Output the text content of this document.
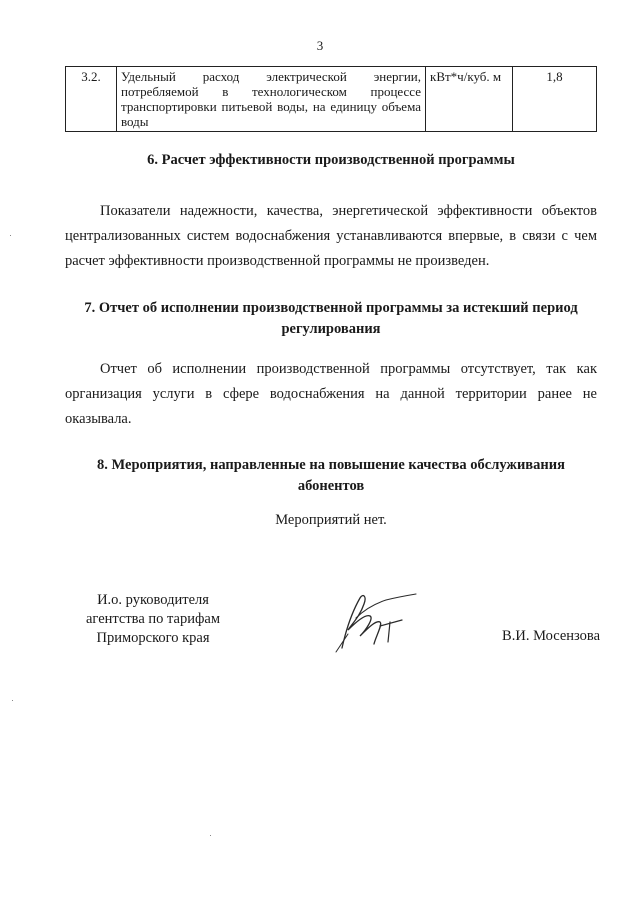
3
3.2.	Удельный расход электрической энергии, потребляемой в технологическом процессе транспортировки питьевой воды, на единицу объема воды	кВт*ч/куб. м	1,8
6. Расчет эффективности производственной программы
Показатели надежности, качества, энергетической эффективности объектов централизованных систем водоснабжения устанавливаются впервые, в связи с чем расчет эффективности производственной программы не произведен.
7. Отчет об исполнении производственной программы за истекший период
регулирования
Отчет об исполнении производственной программы отсутствует, так как организация услуги в сфере водоснабжения на данной территории ранее не оказывала.
8. Мероприятия, направленные на повышение качества обслуживания
абонентов
Мероприятий нет.
И.о. руководителя
агентства по тарифам
Приморского края	В.И. Мосензова
